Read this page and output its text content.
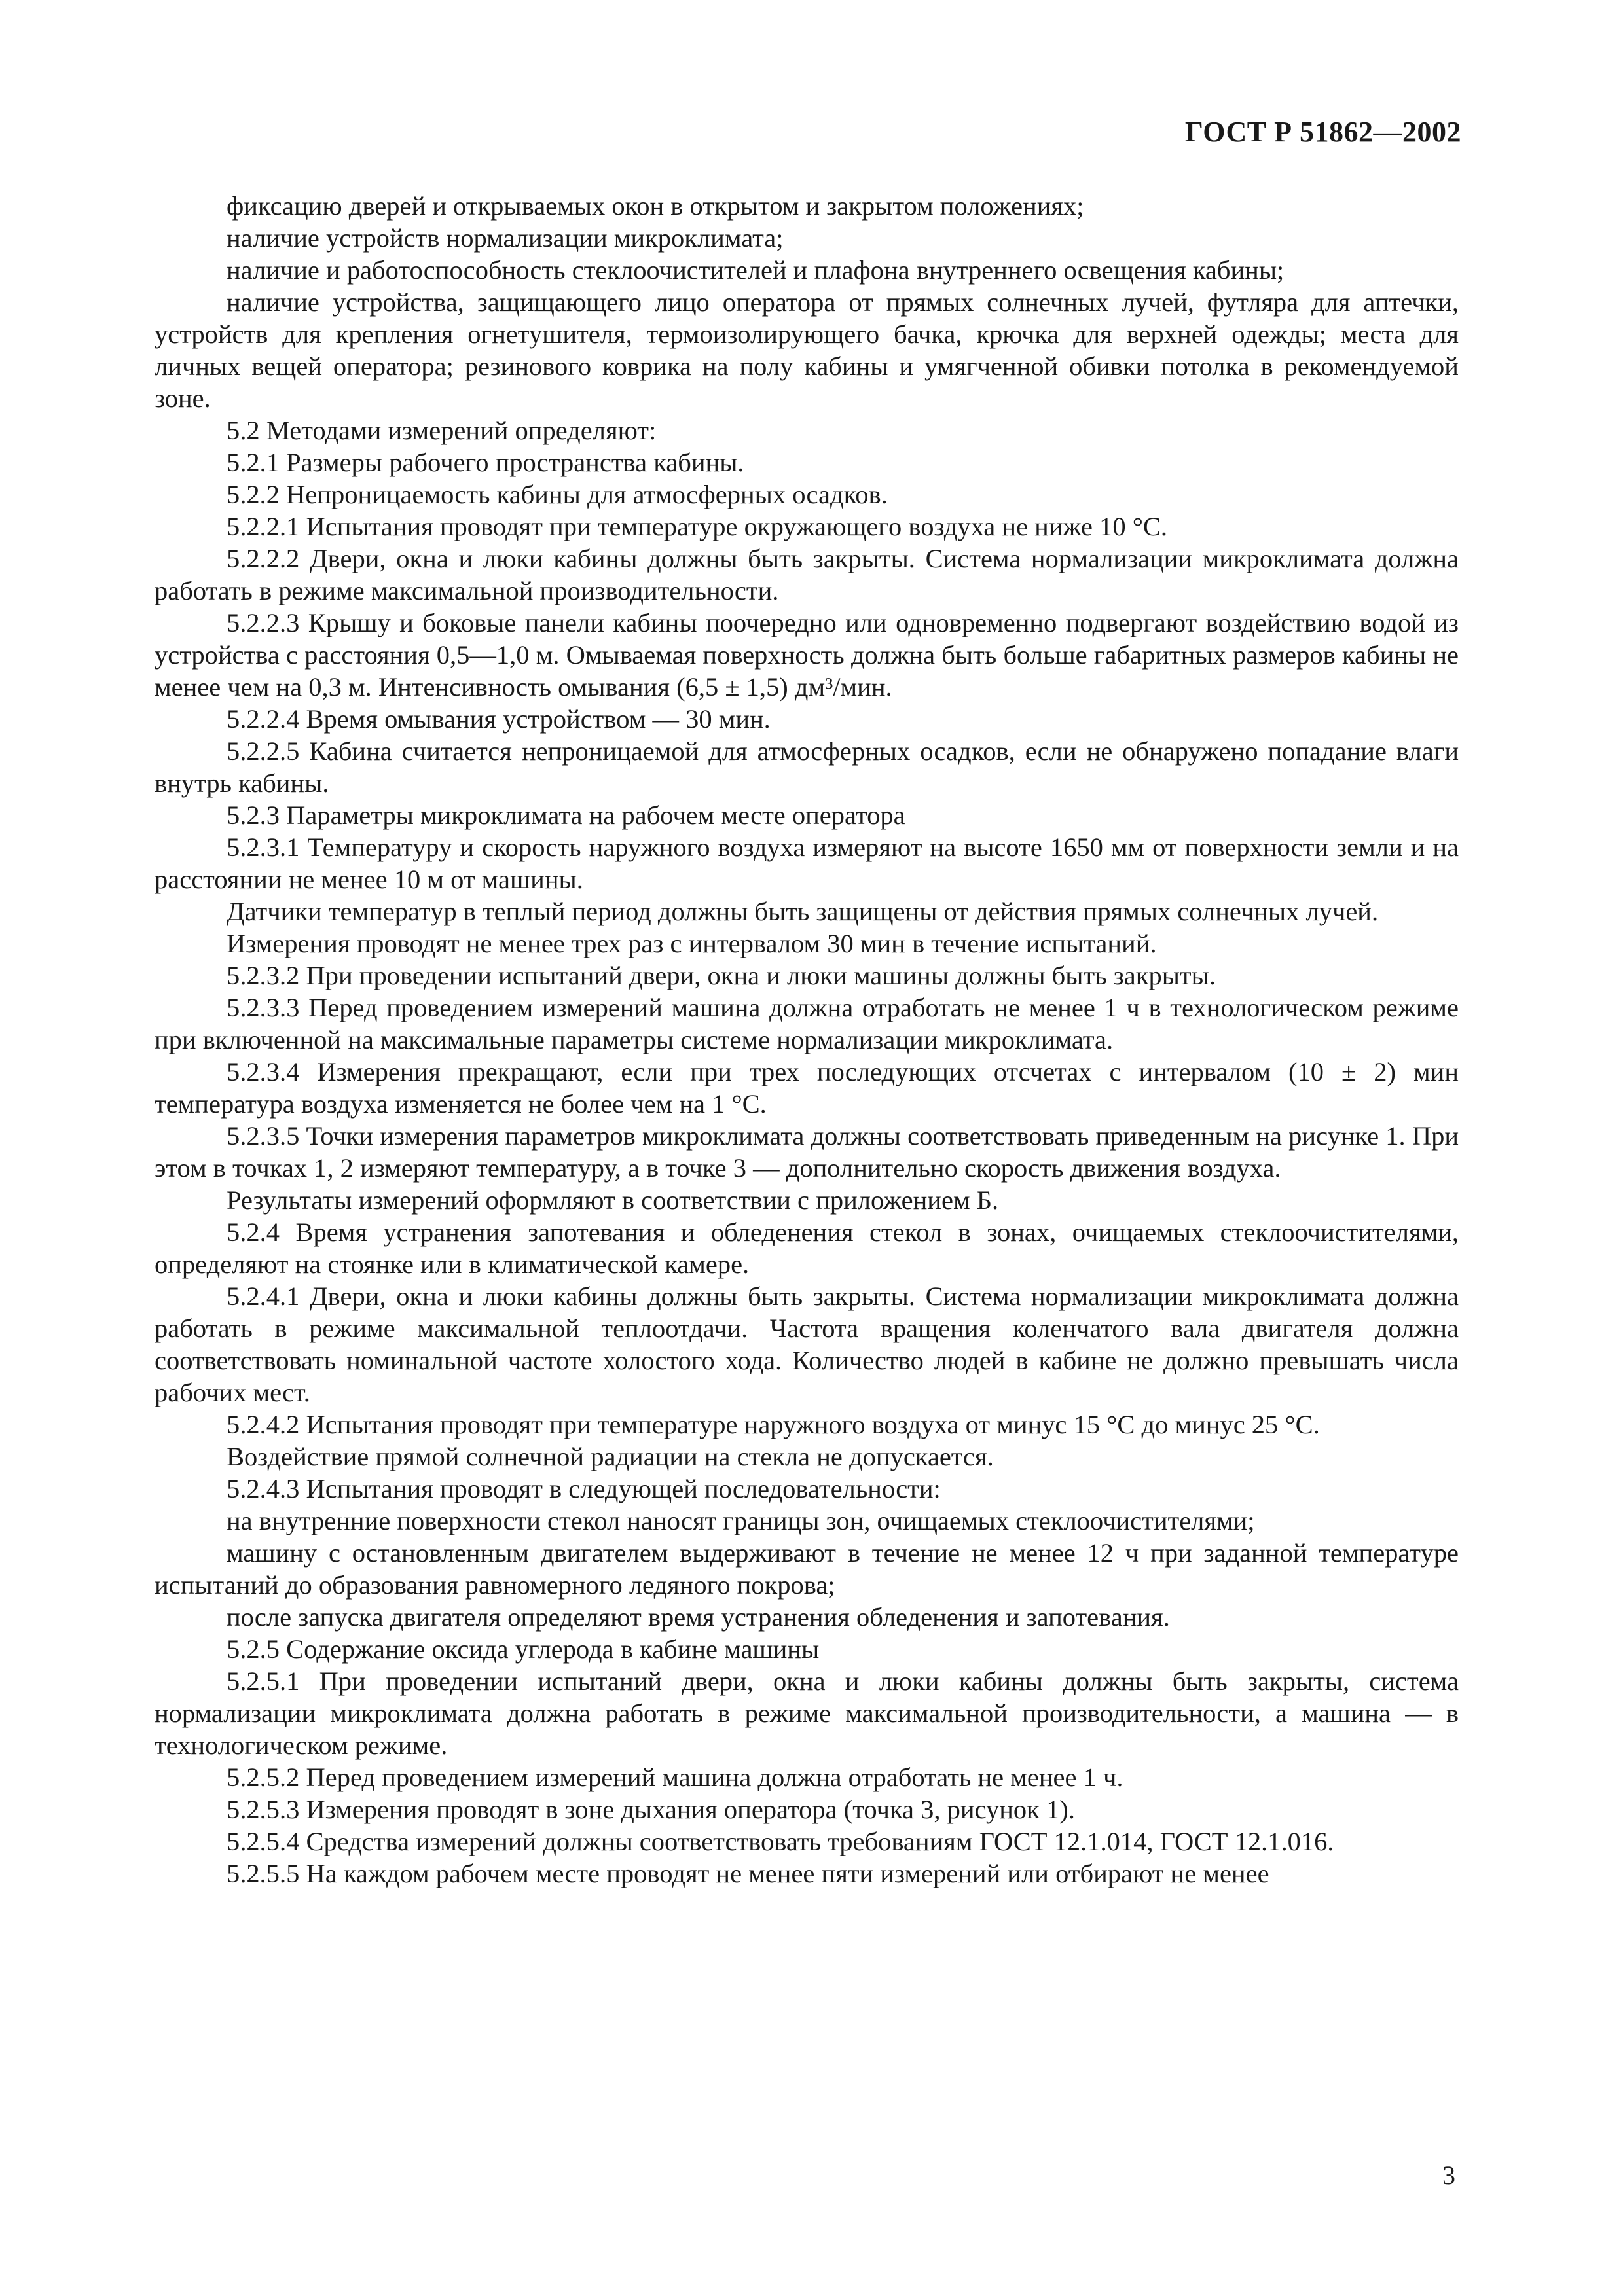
ГОСТ Р 51862—2002

фиксацию дверей и открываемых окон в открытом и закрытом положениях;

наличие устройств нормализации микроклимата;

наличие и работоспособность стеклоочистителей и плафона внутреннего освещения кабины;

наличие устройства, защищающего лицо оператора от прямых солнечных лучей, футляра для аптечки, устройств для крепления огнетушителя, термоизолирующего бачка, крючка для верхней одежды; места для личных вещей оператора; резинового коврика на полу кабины и умягченной обивки потолка в рекомендуемой зоне.

5.2 Методами измерений определяют:

5.2.1 Размеры рабочего пространства кабины.

5.2.2 Непроницаемость кабины для атмосферных осадков.

5.2.2.1 Испытания проводят при температуре окружающего воздуха не ниже 10 °С.

5.2.2.2 Двери, окна и люки кабины должны быть закрыты. Система нормализации микроклимата должна работать в режиме максимальной производительности.

5.2.2.3 Крышу и боковые панели кабины поочередно или одновременно подвергают воздействию водой из устройства с расстояния 0,5—1,0 м. Омываемая поверхность должна быть больше габаритных размеров кабины не менее чем на 0,3 м. Интенсивность омывания (6,5 ± 1,5) дм³/мин.

5.2.2.4 Время омывания устройством — 30 мин.

5.2.2.5 Кабина считается непроницаемой для атмосферных осадков, если не обнаружено попадание влаги внутрь кабины.

5.2.3 Параметры микроклимата на рабочем месте оператора

5.2.3.1 Температуру и скорость наружного воздуха измеряют на высоте 1650 мм от поверхности земли и на расстоянии не менее 10 м от машины.

Датчики температур в теплый период должны быть защищены от действия прямых солнечных лучей.

Измерения проводят не менее трех раз с интервалом 30 мин в течение испытаний.

5.2.3.2 При проведении испытаний двери, окна и люки машины должны быть закрыты.

5.2.3.3 Перед проведением измерений машина должна отработать не менее 1 ч в технологическом режиме при включенной на максимальные параметры системе нормализации микроклимата.

5.2.3.4 Измерения прекращают, если при трех последующих отсчетах с интервалом (10 ± 2) мин температура воздуха изменяется не более чем на 1 °С.

5.2.3.5 Точки измерения параметров микроклимата должны соответствовать приведенным на рисунке 1. При этом в точках 1, 2 измеряют температуру, а в точке 3 — дополнительно скорость движения воздуха.

Результаты измерений оформляют в соответствии с приложением Б.

5.2.4 Время устранения запотевания и обледенения стекол в зонах, очищаемых стеклоочистителями, определяют на стоянке или в климатической камере.

5.2.4.1 Двери, окна и люки кабины должны быть закрыты. Система нормализации микроклимата должна работать в режиме максимальной теплоотдачи. Частота вращения коленчатого вала двигателя должна соответствовать номинальной частоте холостого хода. Количество людей в кабине не должно превышать числа рабочих мест.

5.2.4.2 Испытания проводят при температуре наружного воздуха от минус 15 °С до минус 25 °С.

Воздействие прямой солнечной радиации на стекла не допускается.

5.2.4.3 Испытания проводят в следующей последовательности:

на внутренние поверхности стекол наносят границы зон, очищаемых стеклоочистителями;

машину с остановленным двигателем выдерживают в течение не менее 12 ч при заданной температуре испытаний до образования равномерного ледяного покрова;

после запуска двигателя определяют время устранения обледенения и запотевания.

5.2.5 Содержание оксида углерода в кабине машины

5.2.5.1 При проведении испытаний двери, окна и люки кабины должны быть закрыты, система нормализации микроклимата должна работать в режиме максимальной производительности, а машина — в технологическом режиме.

5.2.5.2 Перед проведением измерений машина должна отработать не менее 1 ч.

5.2.5.3 Измерения проводят в зоне дыхания оператора (точка 3, рисунок 1).

5.2.5.4 Средства измерений должны соответствовать требованиям ГОСТ 12.1.014, ГОСТ 12.1.016.

5.2.5.5 На каждом рабочем месте проводят не менее пяти измерений или отбирают не менее

3
